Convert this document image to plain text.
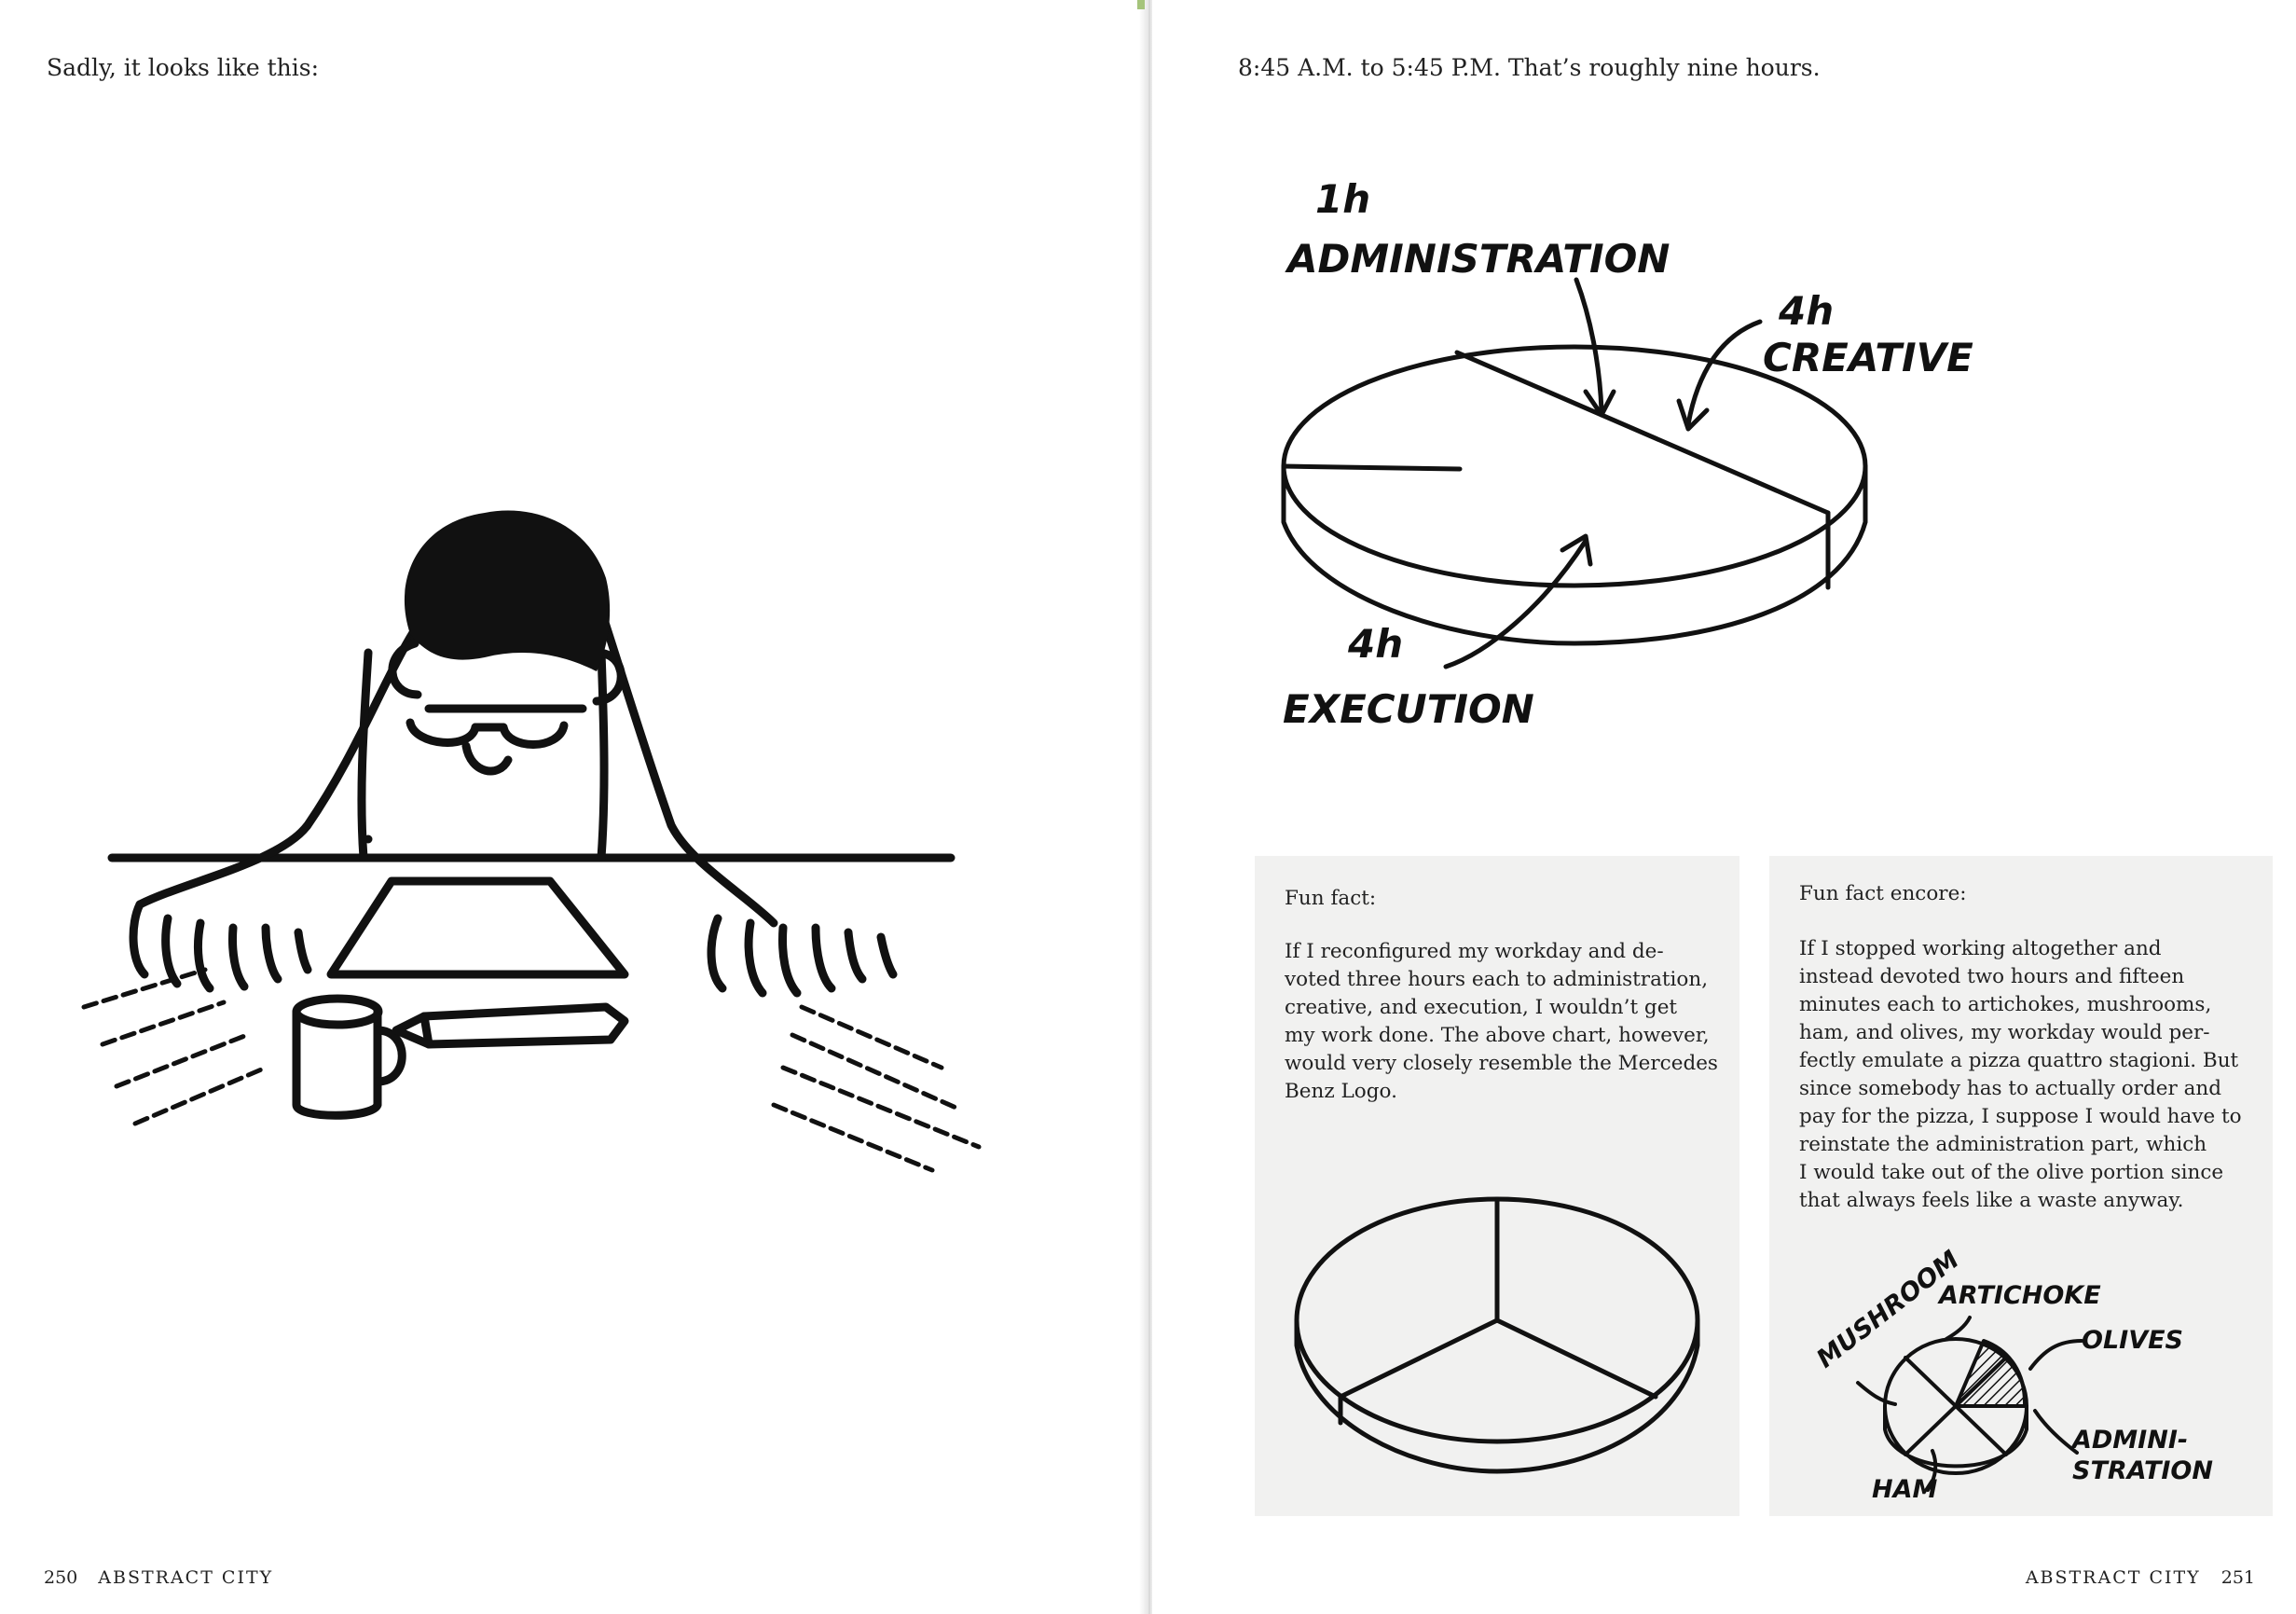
Sadly, it looks like this:
250 ABSTRACT CITY
8:45 A.M. to 5:45 P.M. That’s roughly nine hours.
1h
ADMINISTRATION
4h
CREATIVE
4h
EXECUTION
Fun fact:
If I reconfigured my workday and de-
voted three hours each to administration,
creative, and execution, I wouldn’t get
my work done. The above chart, however,
would very closely resemble the Mercedes
Benz Logo.
Fun fact encore:
If I stopped working altogether and
instead devoted two hours and fifteen
minutes each to artichokes, mushrooms,
ham, and olives, my workday would per-
fectly emulate a pizza quattro stagioni. But
since somebody has to actually order and
pay for the pizza, I suppose I would have to
reinstate the administration part, which
I would take out of the olive portion since
that always feels like a waste anyway.
MUSHROOM
ARTICHOKE
OLIVES
ADMINI-
STRATION
HAM
ABSTRACT CITY 251
